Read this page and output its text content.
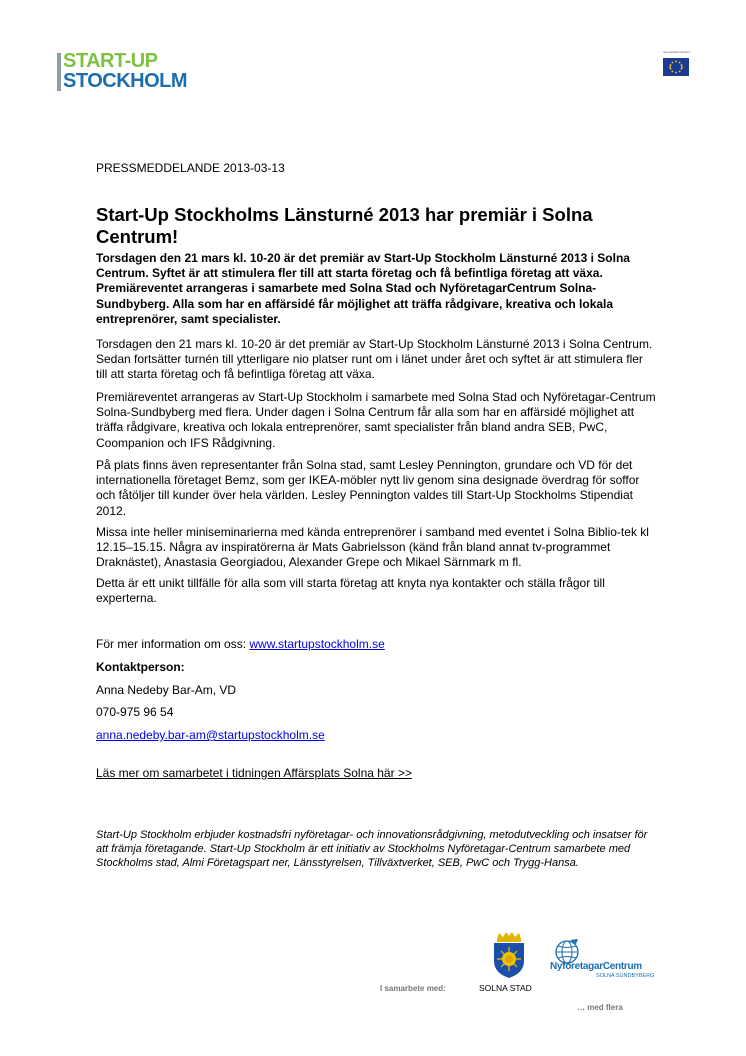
START-UP
STOCKHOLM
Europeiska Unionen
PRESSMEDDELANDE 2013-03-13
Start-Up Stockholms Länsturné 2013 har premiär i Solna Centrum!

Torsdagen den 21 mars kl. 10-20 är det premiär av Start-Up Stockholm Länsturné 2013 i Solna Centrum. Syftet är att stimulera fler till att starta företag och få befintliga företag att växa. Premiäreventet arrangeras i samarbete med Solna Stad och NyföretagarCentrum Solna-Sundbyberg. Alla som har en affärsidé får möjlighet att träffa rådgivare, kreativa och lokala entreprenörer, samt specialister.

Torsdagen den 21 mars kl. 10-20 är det premiär av Start-Up Stockholm Länsturné 2013 i Solna Centrum. Sedan fortsätter turnén till ytterligare nio platser runt om i länet under året och syftet är att stimulera fler till att starta företag och få befintliga företag att växa.

Premiäreventet arrangeras av Start-Up Stockholm i samarbete med Solna Stad och Nyföretagar-Centrum Solna-Sundbyberg med flera. Under dagen i Solna Centrum får alla som har en affärsidé möjlighet att träffa rådgivare, kreativa och lokala entreprenörer, samt specialister från bland andra SEB, PwC, Coompanion och IFS Rådgivning.

På plats finns även representanter från Solna stad, samt Lesley Pennington, grundare och VD för det internationella företaget Bemz, som ger IKEA-möbler nytt liv genom sina designade överdrag för soffor och fåtöljer till kunder över hela världen. Lesley Pennington valdes till Start-Up Stockholms Stipendiat 2012.

Missa inte heller miniseminarierna med kända entreprenörer i samband med eventet i Solna Biblio-tek kl 12.15–15.15. Några av inspiratörerna är Mats Gabrielsson (känd från bland annat tv-programmet Draknästet), Anastasia Georgiadou, Alexander Grepe och Mikael Särnmark m fl.

Detta är ett unikt tillfälle för alla som vill starta företag att knyta nya kontakter och ställa frågor till experterna.

För mer information om oss: www.startupstockholm.se
Kontaktperson:
Anna Nedeby Bar-Am, VD
070-975 96 54
anna.nedeby.bar-am@startupstockholm.se
Läs mer om samarbetet i tidningen Affärsplats Solna här >>

Start-Up Stockholm erbjuder kostnadsfri nyföretagar- och innovationsrådgivning, metodutveckling och insatser för att främja företagande. Start-Up Stockholm är ett initiativ av Stockholms Nyföretagar-Centrum samarbete med Stockholms stad, Almi Företagspart ner, Länsstyrelsen, Tillväxtverket, SEB, PwC och Trygg-Hansa.

I samarbete med:	SOLNA STAD
NyföretagarCentrum
SOLNA SUNDBYBERG
… med flera
